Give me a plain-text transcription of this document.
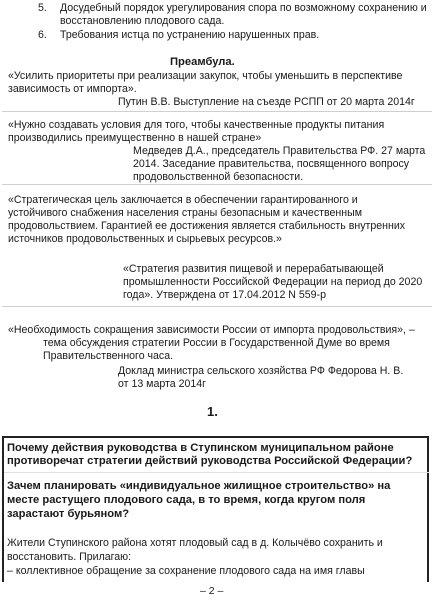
5. Досудебный порядок урегулирования спора по возможному сохранению и
восстановлению плодового сада.
6. Требования истца по устранению нарушенных прав.
Преамбула.
«Усилить приоритеты при реализации закупок, чтобы уменьшить в перспективе
зависимость от импорта».
Путин В.В. Выступление на съезде РСПП от 20 марта 2014г
«Нужно создавать условия для того, чтобы качественные продукты питания
производились преимущественно в нашей стране»
Медведев Д.А., председатель Правительства РФ. 27 марта
2014. Заседание правительства, посвященного вопросу
продовольственной безопасности.
«Стратегическая цель заключается в обеспечении гарантированного и
устойчивого снабжения населения страны безопасным и качественным
продовольствием. Гарантией ее достижения является стабильность внутренних
источников продовольственных и сырьевых ресурсов.»
«Стратегия развития пищевой и перерабатывающей
промышленности Российской Федерации на период до 2020
года». Утверждена от 17.04.2012 N 559-р
«Необходимость сокращения зависимости России от импорта продовольствия», –
тема обсуждения стратегии России в Государственной Думе во время
Правительственного часа.
Доклад министра сельского хозяйства РФ Федорова Н. В.
от 13 марта 2014г
1.
Почему действия руководства в Ступинском муниципальном районе
противоречат стратегии действий руководства Российской Федерации?
Зачем планировать «индивидуальное жилищное строительство» на
месте растущего плодового сада, в то время, когда кругом поля
зарастают бурьяном?
Жители Ступинского района хотят плодовый сад в д. Колычёво сохранить и
восстановить. Прилагаю:
– коллективное обращение за сохранение плодового сада на имя главы
– 2 –
